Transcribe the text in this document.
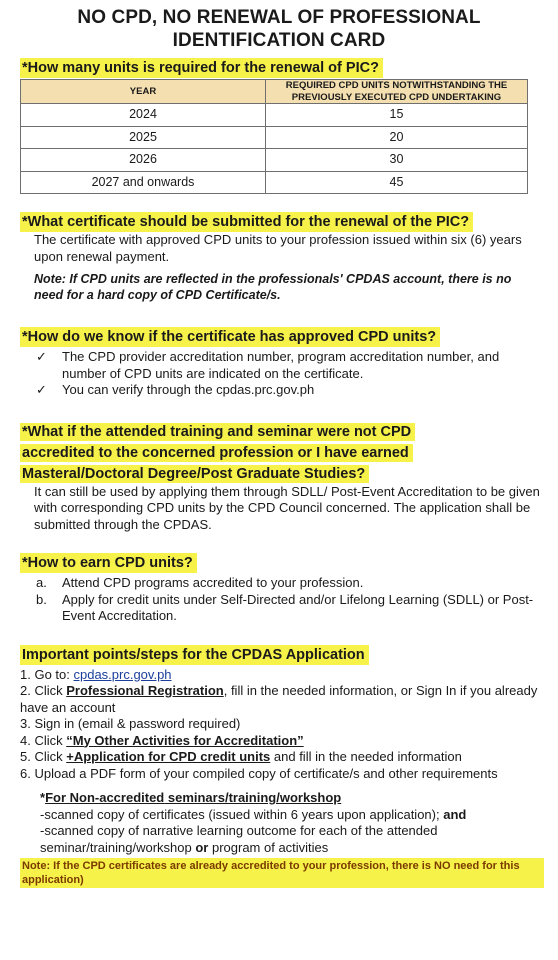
NO CPD, NO RENEWAL OF PROFESSIONAL
IDENTIFICATION CARD

*How many units is required for the renewal of PIC?

YEAR	REQUIRED CPD UNITS NOTWITHSTANDING THE PREVIOUSLY EXECUTED CPD UNDERTAKING
2024	15
2025	20
2026	30
2027 and onwards	45

*What certificate should be submitted for the renewal of the PIC?

The certificate with approved CPD units to your profession issued within six (6) years upon renewal payment.

Note: If CPD units are reflected in the professionals' CPDAS account, there is no need for a hard copy of CPD Certificate/s.

*How do we know if the certificate has approved CPD units?

✓ The CPD provider accreditation number, program accreditation number, and number of CPD units are indicated on the certificate.
✓ You can verify through the cpdas.prc.gov.ph
*What if the attended training and seminar were not CPD
accredited to the concerned profession or I have earned
Masteral/Doctoral Degree/Post Graduate Studies?

It can still be used by applying them through SDLL/ Post-Event Accreditation to be given with corresponding CPD units by the CPD Council concerned. The application shall be submitted through the CPDAS.

*How to earn CPD units?

a. Attend CPD programs accredited to your profession.
b. Apply for credit units under Self-Directed and/or Lifelong Learning (SDLL) or Post-Event Accreditation.

Important points/steps for the CPDAS Application

1. Go to: cpdas.prc.gov.ph
2. Click Professional Registration, fill in the needed information, or Sign In if you already have an account
3. Sign in (email & password required)
4. Click “My Other Activities for Accreditation”
5. Click +Application for CPD credit units and fill in the needed information
6. Upload a PDF form of your compiled copy of certificate/s and other requirements
*For Non-accredited seminars/training/workshop
-scanned copy of certificates (issued within 6 years upon application); and
-scanned copy of narrative learning outcome for each of the attended
seminar/training/workshop or program of activities
Note: If the CPD certificates are already accredited to your profession, there is NO need for this application)
